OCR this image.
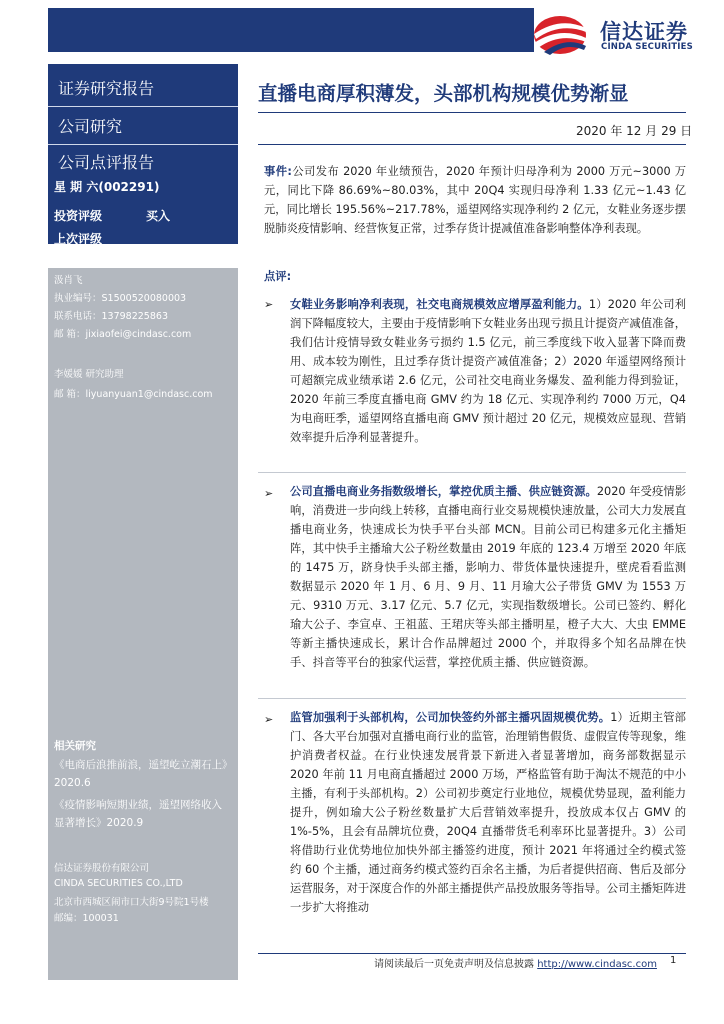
信达证券
CINDA SECURITIES
证券研究报告
公司研究
公司点评报告
星 期 六(002291)
投资评级	买入
上次评级
汲肖飞
执业编号：S1500520080003
联系电话：13798225863
邮 箱：jixiaofei@cindasc.com
李媛媛 研究助理
邮 箱：liyuanyuan1@cindasc.com
相关研究
《电商后浪推前浪，遥望屹立潮石上》2020.6
《疫情影响短期业绩，遥望网络收入显著增长》2020.9
信达证券股份有限公司
CINDA SECURITIES CO.,LTD
北京市西城区闹市口大街9号院1号楼
邮编：100031
直播电商厚积薄发，头部机构规模优势渐显
2020 年 12 月 29 日
事件:公司发布 2020 年业绩预告，2020 年预计归母净利为 2000 万元~3000 万元，同比下降 86.69%~80.03%，其中 20Q4 实现归母净利 1.33 亿元~1.43 亿元，同比增长 195.56%~217.78%，遥望网络实现净利约 2 亿元，女鞋业务逐步摆脱肺炎疫情影响、经营恢复正常，过季存货计提减值准备影响整体净利表现。
点评:
➢ 女鞋业务影响净利表现，社交电商规模效应增厚盈利能力。1）2020 年公司利润下降幅度较大，主要由于疫情影响下女鞋业务出现亏损且计提资产减值准备，我们估计疫情导致女鞋业务亏损约 1.5 亿元，前三季度线下收入显著下降而费用、成本较为刚性，且过季存货计提资产减值准备；2）2020 年遥望网络预计可超额完成业绩承诺 2.6 亿元，公司社交电商业务爆发、盈利能力得到验证，2020 年前三季度直播电商 GMV 约为 18 亿元、实现净利约 7000 万元，Q4 为电商旺季，遥望网络直播电商 GMV 预计超过 20 亿元，规模效应显现、营销效率提升后净利显著提升。
➢ 公司直播电商业务指数级增长，掌控优质主播、供应链资源。2020 年受疫情影响，消费进一步向线上转移，直播电商行业交易规模快速放量，公司大力发展直播电商业务，快速成长为快手平台头部 MCN。目前公司已构建多元化主播矩阵，其中快手主播瑜大公子粉丝数量由 2019 年底的 123.4 万增至 2020 年底的 1475 万，跻身快手头部主播，影响力、带货体量快速提升，壁虎看看监测数据显示 2020 年 1 月、6 月、9 月、11 月瑜大公子带货 GMV 为 1553 万元、9310 万元、3.17 亿元、5.7 亿元，实现指数级增长。公司已签约、孵化瑜大公子、李宣卓、王祖蓝、王珺庆等头部主播明星，橙子大大、大虫 EMME 等新主播快速成长，累计合作品牌超过 2000 个，并取得多个知名品牌在快手、抖音等平台的独家代运营，掌控优质主播、供应链资源。
➢ 监管加强利于头部机构，公司加快签约外部主播巩固规模优势。1）近期主管部门、各大平台加强对直播电商行业的监管，治理销售假货、虚假宣传等现象，维护消费者权益。在行业快速发展背景下新进入者显著增加，商务部数据显示 2020 年前 11 月电商直播超过 2000 万场，严格监管有助于淘汰不规范的中小主播，有利于头部机构。2）公司初步奠定行业地位，规模优势显现，盈利能力提升，例如瑜大公子粉丝数量扩大后营销效率提升，投放成本仅占 GMV 的 1%-5%，且会有品牌坑位费，20Q4 直播带货毛利率环比显著提升。3）公司将借助行业优势地位加快外部主播签约进度，预计 2021 年将通过全约模式签约 60 个主播，通过商务约模式签约百余名主播，为后者提供招商、售后及部分运营服务，对于深度合作的外部主播提供产品投放服务等指导。公司主播矩阵进一步扩大将推动
请阅读最后一页免责声明及信息披露 http://www.cindasc.com 1
